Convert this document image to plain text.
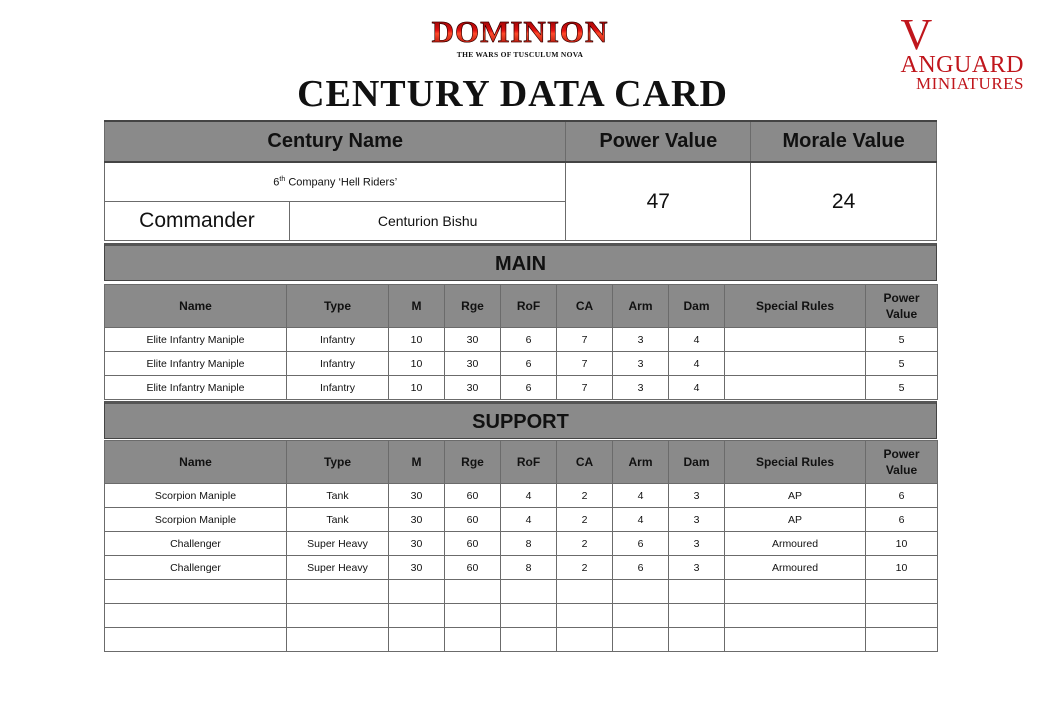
DOMINION
THE WARS OF TUSCULUM NOVA	V
ANGUARD
MINIATURES
CENTURY DATA CARD
Century Name		Power Value	Morale Value
6th Company ‘Hell Riders’		47	24
Commander	Centurion Bishu		
MAIN
Name	Type	M	Rge	RoF	CA	Arm	Dam	Special Rules	Power
Value
Elite Infantry Maniple	Infantry	10	30	6	7	3	4		5
Elite Infantry Maniple	Infantry	10	30	6	7	3	4		5
Elite Infantry Maniple	Infantry	10	30	6	7	3	4		5
SUPPORT
Name	Type	M	Rge	RoF	CA	Arm	Dam	Special Rules	Power
Value
Scorpion Maniple	Tank	30	60	4	2	4	3	AP	6
Scorpion Maniple	Tank	30	60	4	2	4	3	AP	6
Challenger	Super Heavy	30	60	8	2	6	3	Armoured	10
Challenger	Super Heavy	30	60	8	2	6	3	Armoured	10
